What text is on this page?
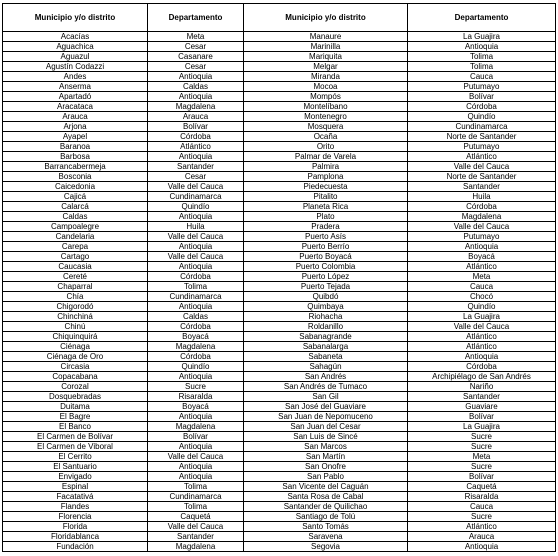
Municipio y/o distrito	Departamento	Municipio y/o distrito	Departamento
Acacías	Meta	Manaure	La Guajira
Aguachica	Cesar	Marinilla	Antioquia
Aguazul	Casanare	Mariquita	Tolima
Agustín Codazzi	Cesar	Melgar	Tolima
Andes	Antioquia	Miranda	Cauca
Anserma	Caldas	Mocoa	Putumayo
Apartadó	Antioquia	Mompós	Bolívar
Aracataca	Magdalena	Montelíbano	Córdoba
Arauca	Arauca	Montenegro	Quindío
Arjona	Bolívar	Mosquera	Cundinamarca
Ayapel	Córdoba	Ocaña	Norte de Santander
Baranoa	Atlántico	Orito	Putumayo
Barbosa	Antioquia	Palmar de Varela	Atlántico
Barrancabermeja	Santander	Palmira	Valle del Cauca
Bosconia	Cesar	Pamplona	Norte de Santander
Caicedonia	Valle del Cauca	Piedecuesta	Santander
Cajicá	Cundinamarca	Pitalito	Huila
Calarcá	Quindío	Planeta Rica	Córdoba
Caldas	Antioquia	Plato	Magdalena
Campoalegre	Huila	Pradera	Valle del Cauca
Candelaria	Valle del Cauca	Puerto Asís	Putumayo
Carepa	Antioquia	Puerto Berrío	Antioquia
Cartago	Valle del Cauca	Puerto Boyacá	Boyacá
Caucasia	Antioquia	Puerto Colombia	Atlántico
Cereté	Córdoba	Puerto López	Meta
Chaparral	Tolima	Puerto Tejada	Cauca
Chía	Cundinamarca	Quibdó	Chocó
Chigorodó	Antioquia	Quimbaya	Quindío
Chinchiná	Caldas	Riohacha	La Guajira
Chinú	Córdoba	Roldanillo	Valle del Cauca
Chiquinquirá	Boyacá	Sabanagrande	Atlántico
Ciénaga	Magdalena	Sabanalarga	Atlántico
Ciénaga de Oro	Córdoba	Sabaneta	Antioquia
Circasia	Quindío	Sahagún	Córdoba
Copacabana	Antioquia	San Andrés	Archipiélago de San Andrés
Corozal	Sucre	San Andrés de Tumaco	Nariño
Dosquebradas	Risaralda	San Gil	Santander
Duitama	Boyacá	San José del Guaviare	Guaviare
El Bagre	Antioquia	San Juan de Nepomuceno	Bolívar
El Banco	Magdalena	San Juan del Cesar	La Guajira
El Carmen de Bolívar	Bolívar	San Luis de Sincé	Sucre
El Carmen de Viboral	Antioquia	San Marcos	Sucre
El Cerrito	Valle del Cauca	San Martín	Meta
El Santuario	Antioquia	San Onofre	Sucre
Envigado	Antioquia	San Pablo	Bolívar
Espinal	Tolima	San Vicente del Caguán	Caquetá
Facatativá	Cundinamarca	Santa Rosa de Cabal	Risaralda
Flandes	Tolima	Santander de Quilichao	Cauca
Florencia	Caquetá	Santiago de Tolú	Sucre
Florida	Valle del Cauca	Santo Tomás	Atlántico
Floridablanca	Santander	Saravena	Arauca
Fundación	Magdalena	Segovia	Antioquia
